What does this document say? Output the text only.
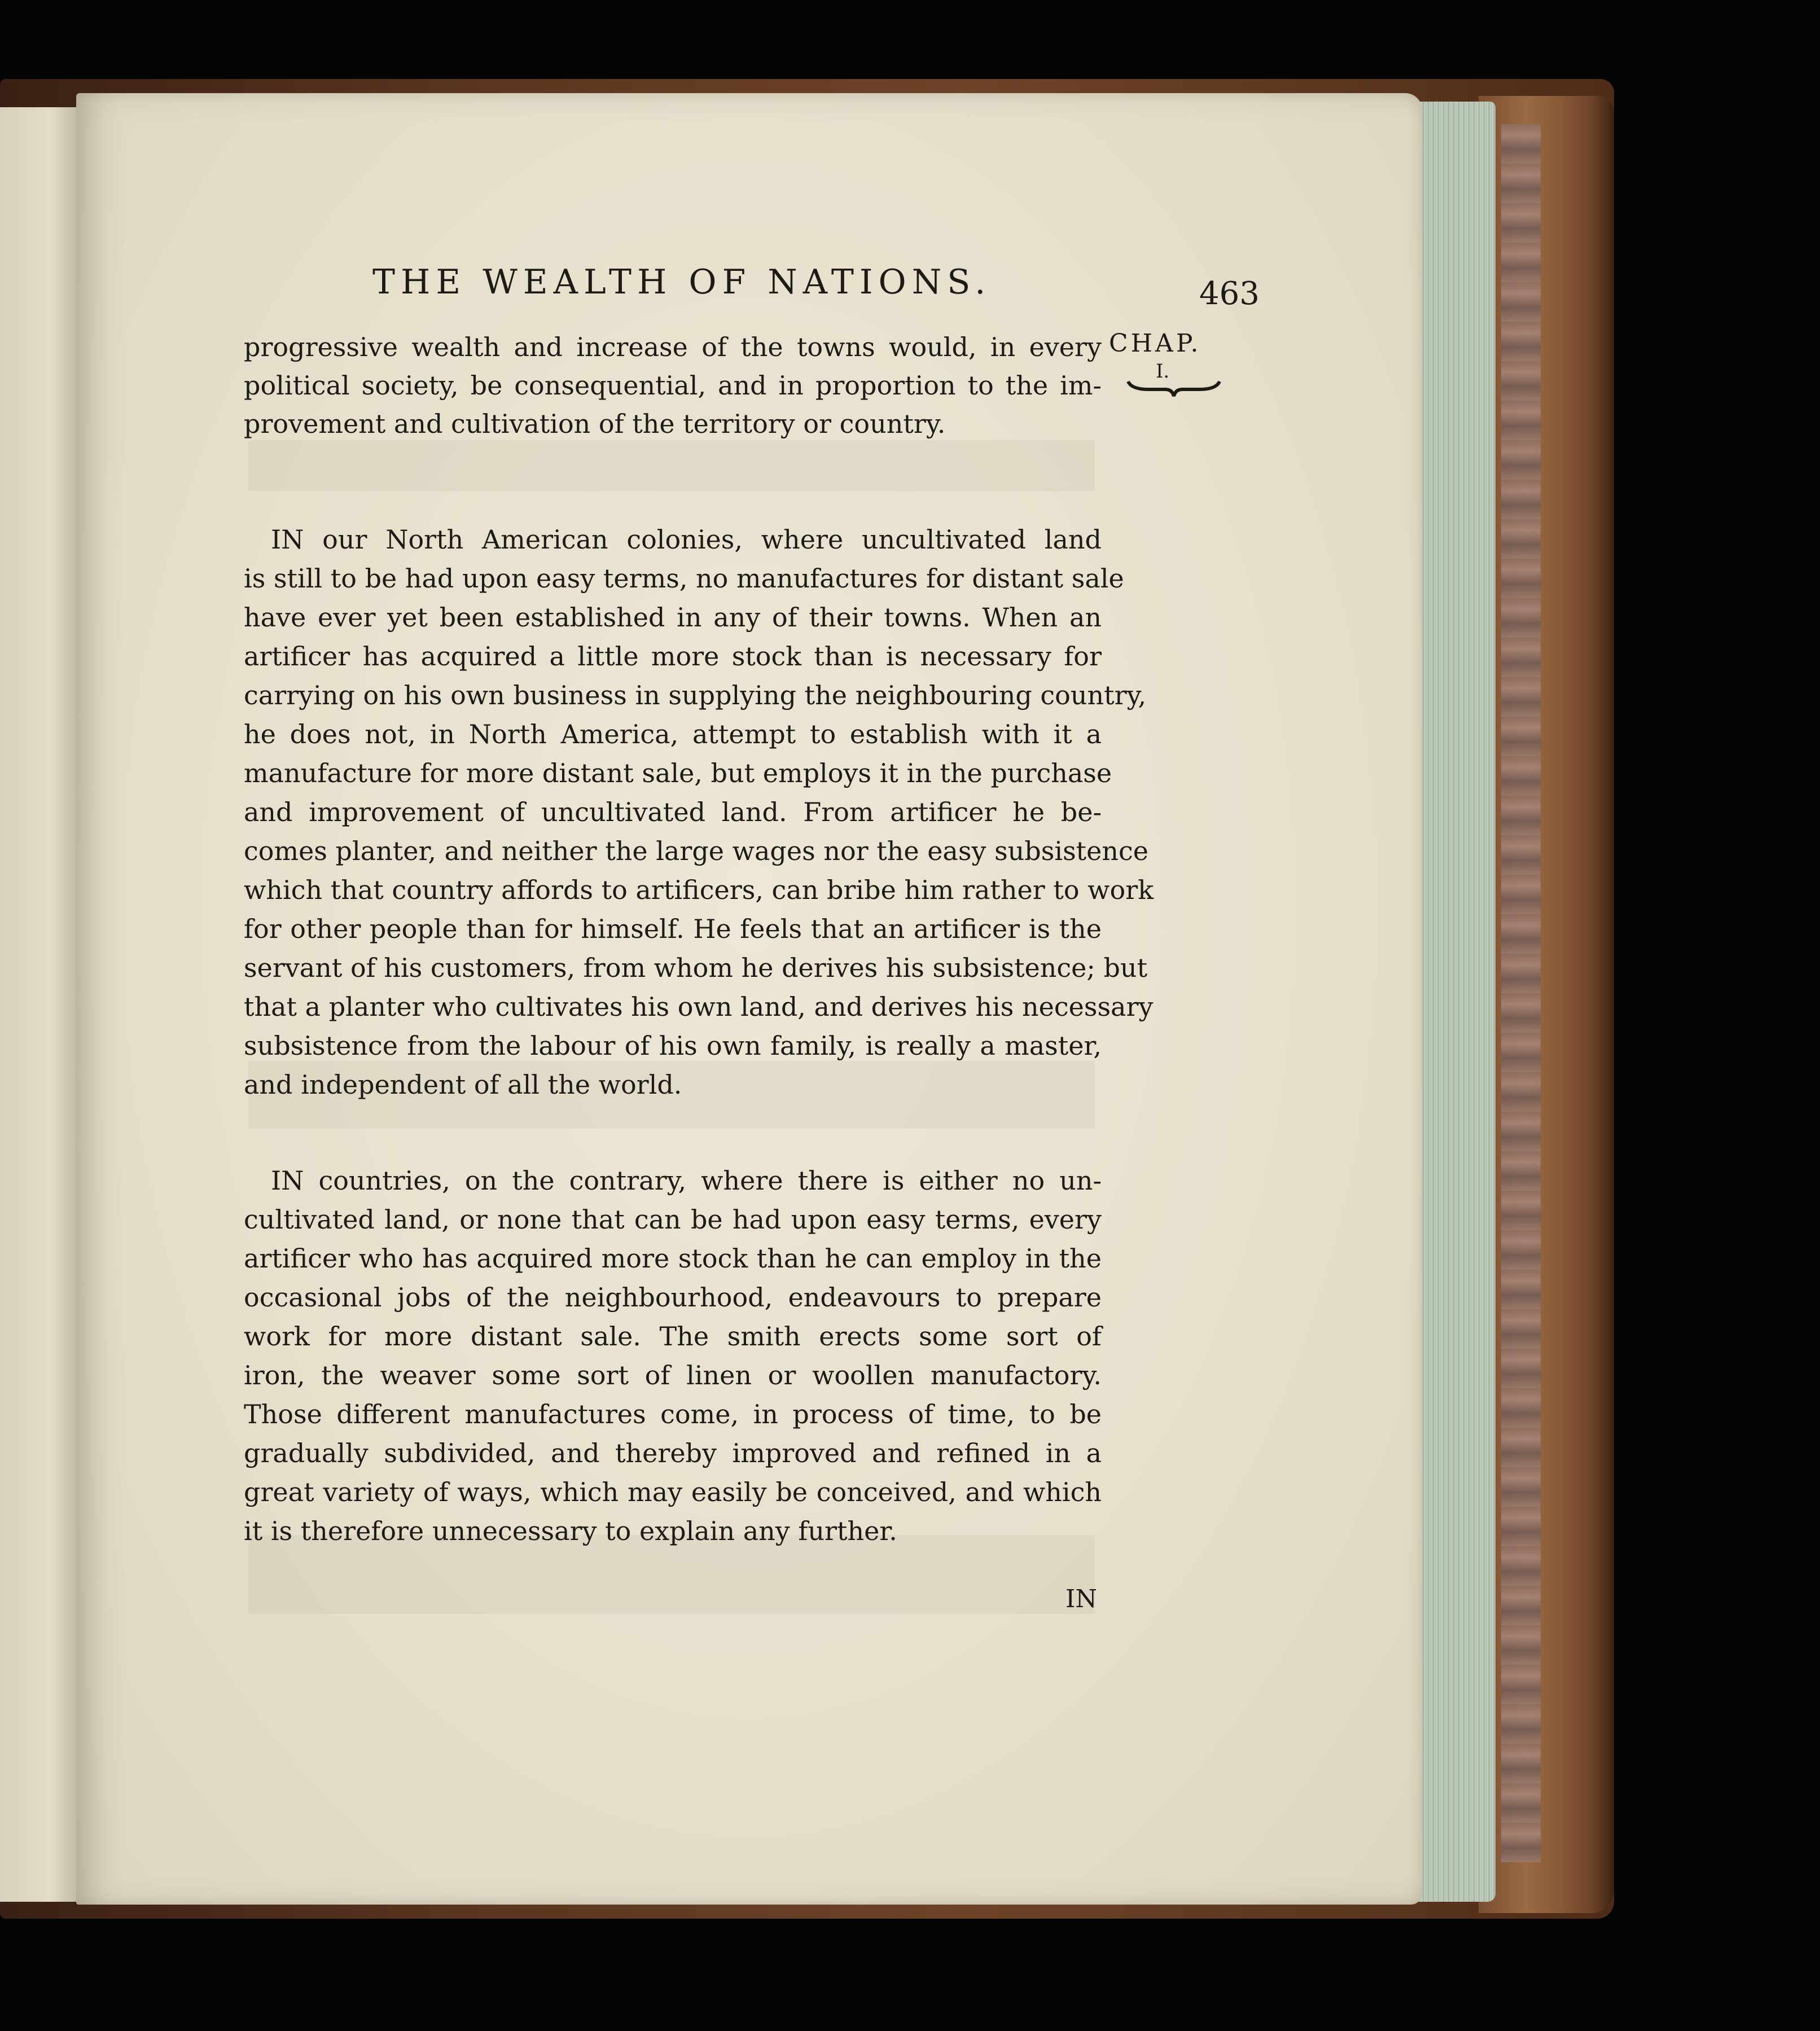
THE WEALTH OF NATIONS.	463
CHAP.
I.
progressive wealth and increase of the towns would, in every
political society, be consequential, and in proportion to the im-
provement and cultivation of the territory or country.
IN our North American colonies, where uncultivated land
is still to be had upon easy terms, no manufactures for distant sale
have ever yet been established in any of their towns. When an
artificer has acquired a little more stock than is necessary for
carrying on his own business in supplying the neighbouring country,
he does not, in North America, attempt to establish with it a
manufacture for more distant sale, but employs it in the purchase
and improvement of uncultivated land. From artificer he be-
comes planter, and neither the large wages nor the easy subsistence
which that country affords to artificers, can bribe him rather to work
for other people than for himself. He feels that an artificer is the
servant of his customers, from whom he derives his subsistence; but
that a planter who cultivates his own land, and derives his necessary
subsistence from the labour of his own family, is really a master,
and independent of all the world.
IN countries, on the contrary, where there is either no un-
cultivated land, or none that can be had upon easy terms, every
artificer who has acquired more stock than he can employ in the
occasional jobs of the neighbourhood, endeavours to prepare
work for more distant sale. The smith erects some sort of
iron, the weaver some sort of linen or woollen manufactory.
Those different manufactures come, in process of time, to be
gradually subdivided, and thereby improved and refined in a
great variety of ways, which may easily be conceived, and which
it is therefore unnecessary to explain any further.
IN
